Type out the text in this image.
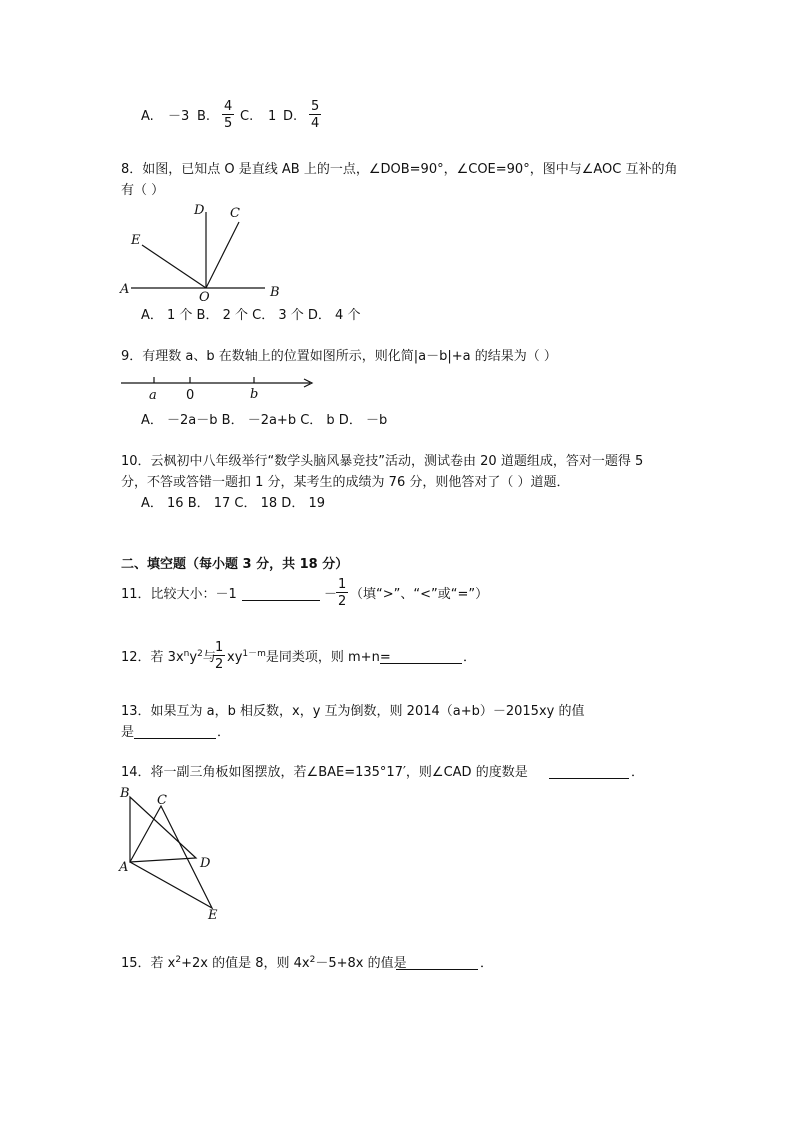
A. －3 B.
4
5 C. 1 D.
5
4
8．如图，已知点 O 是直线 AB 上的一点，∠DOB=90°，∠COE=90°，图中与∠AOC 互补的角
有（ ）
D C
E
A
O	B
A． 1 个 B． 2 个 C． 3 个 D． 4 个
9．有理数 a、b 在数轴上的位置如图所示，则化简|a－b|+a 的结果为（ ）
a 0	b
A． －2a－b B． －2a+b C． b D． －b
10．云枫初中八年级举行“数学头脑风暴竞技”活动，测试卷由 20 道题组成，答对一题得 5
分，不答或答错一题扣 1 分，某考生的成绩为 76 分，则他答对了（ ）道题．
A． 16 B． 17 C． 18 D． 19
二、填空题（每小题 3 分，共 18 分）
11．比较大小：－1	－
1
2 （填“>”、“<”或“=”）
12．若 $3x^ny^2$与
1
2 $xy^{1-m}$是同类项，则 m+n=	．
13．如果互为 a，b 相反数，x，y 互为倒数，则 2014（a+b）－2015xy 的值
是	．
14．将一副三角板如图摆放，若∠BAE=135°17′，则∠CAD 的度数是	．
B C
A	D
E
15．若 $x^2+2x$ 的值是 8，则 $4x^2-5+8x$ 的值是	．
